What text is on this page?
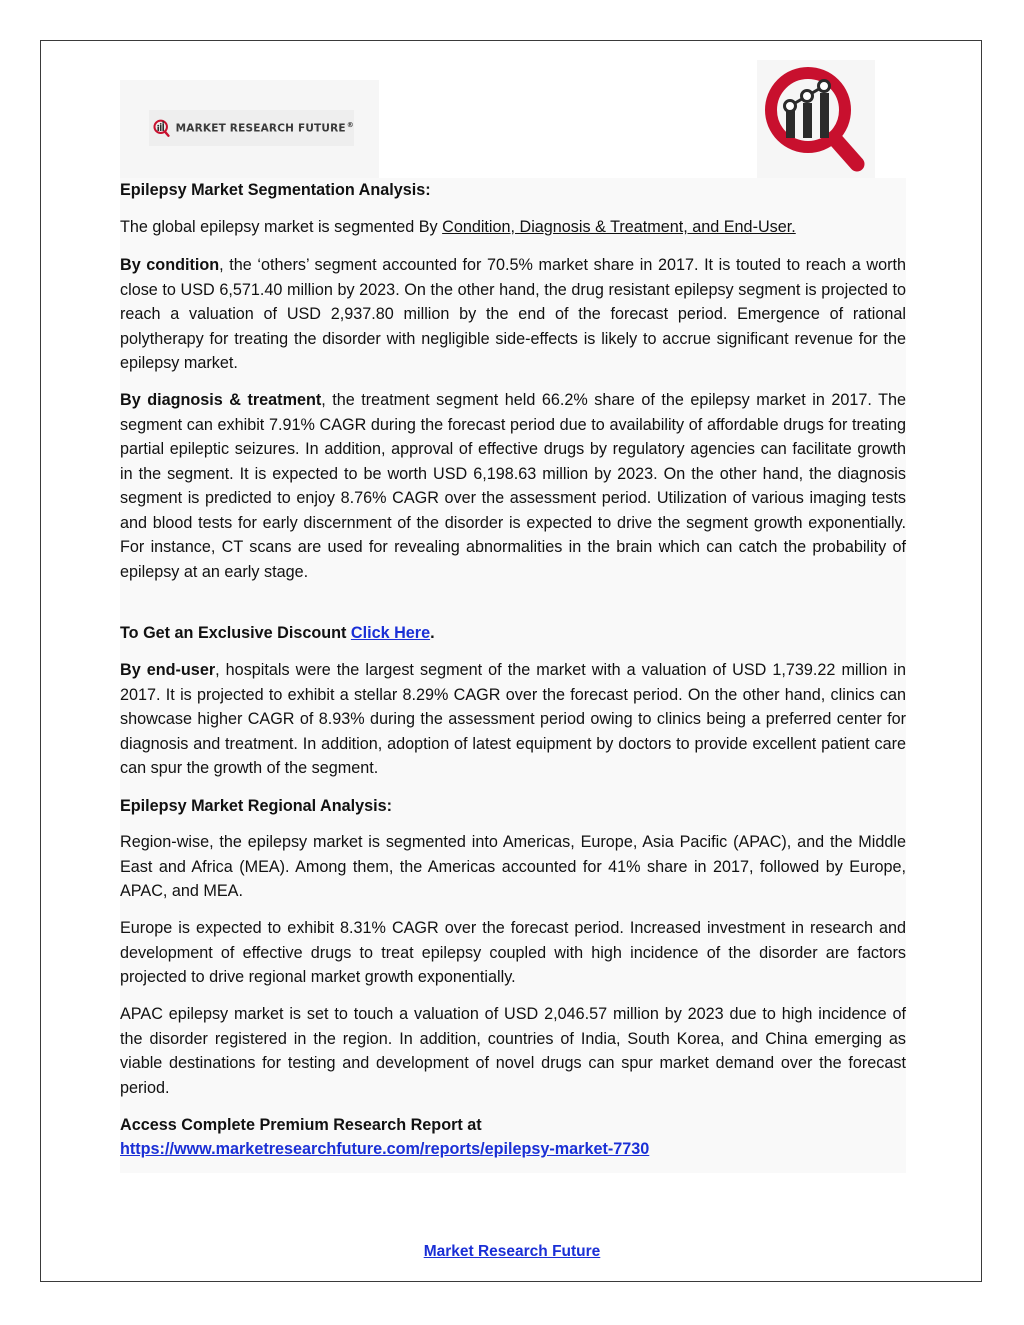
MARKET RESEARCH FUTURE®

Epilepsy Market Segmentation Analysis:

The global epilepsy market is segmented By Condition, Diagnosis & Treatment, and End-User.

By condition, the ‘others’ segment accounted for 70.5% market share in 2017. It is touted to reach a worth close to USD 6,571.40 million by 2023. On the other hand, the drug resistant epilepsy segment is projected to reach a valuation of USD 2,937.80 million by the end of the forecast period. Emergence of rational polytherapy for treating the disorder with negligible side-effects is likely to accrue significant revenue for the epilepsy market.

By diagnosis & treatment, the treatment segment held 66.2% share of the epilepsy market in 2017. The segment can exhibit 7.91% CAGR during the forecast period due to availability of affordable drugs for treating partial epileptic seizures. In addition, approval of effective drugs by regulatory agencies can facilitate growth in the segment. It is expected to be worth USD 6,198.63 million by 2023. On the other hand, the diagnosis segment is predicted to enjoy 8.76% CAGR over the assessment period. Utilization of various imaging tests and blood tests for early discernment of the disorder is expected to drive the segment growth exponentially. For instance, CT scans are used for revealing abnormalities in the brain which can catch the probability of epilepsy at an early stage.

To Get an Exclusive Discount Click Here.

By end-user, hospitals were the largest segment of the market with a valuation of USD 1,739.22 million in 2017. It is projected to exhibit a stellar 8.29% CAGR over the forecast period. On the other hand, clinics can showcase higher CAGR of 8.93% during the assessment period owing to clinics being a preferred center for diagnosis and treatment. In addition, adoption of latest equipment by doctors to provide excellent patient care can spur the growth of the segment.

Epilepsy Market Regional Analysis:

Region-wise, the epilepsy market is segmented into Americas, Europe, Asia Pacific (APAC), and the Middle East and Africa (MEA). Among them, the Americas accounted for 41% share in 2017, followed by Europe, APAC, and MEA.

Europe is expected to exhibit 8.31% CAGR over the forecast period. Increased investment in research and development of effective drugs to treat epilepsy coupled with high incidence of the disorder are factors projected to drive regional market growth exponentially.

APAC epilepsy market is set to touch a valuation of USD 2,046.57 million by 2023 due to high incidence of the disorder registered in the region. In addition, countries of India, South Korea, and China emerging as viable destinations for testing and development of novel drugs can spur market demand over the forecast period.

Access Complete Premium Research Report at

https://www.marketresearchfuture.com/reports/epilepsy-market-7730

Market Research Future
